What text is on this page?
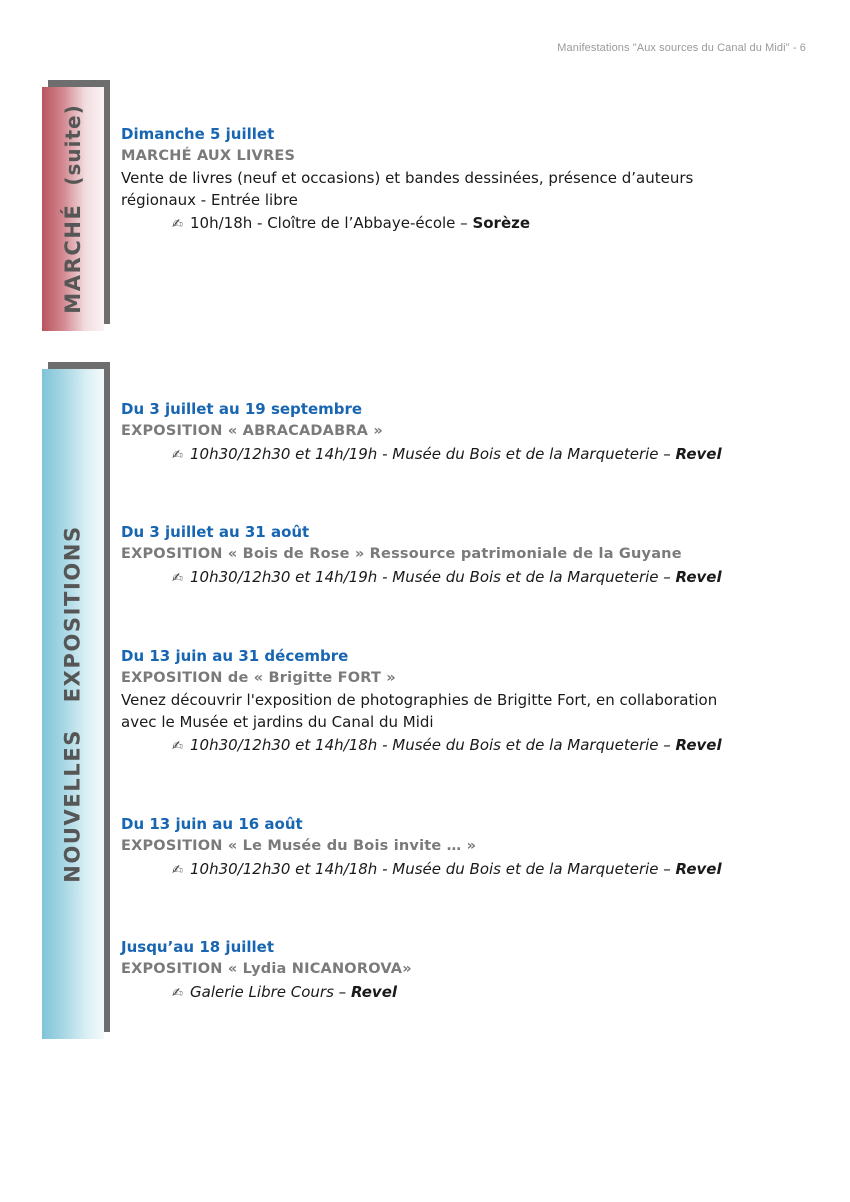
Manifestations "Aux sources du Canal du Midi" - 6
MARCHÉ  (suite)
NOUVELLES   EXPOSITIONS
Dimanche 5 juillet
MARCHÉ AUX LIVRES
Vente de livres (neuf et occasions) et bandes dessinées, présence d’auteurs
régionaux - Entrée libre
✍ 10h/18h - Cloître de l’Abbaye-école – Sorèze
Du 3 juillet au 19 septembre
EXPOSITION « ABRACADABRA »
✍ 10h30/12h30 et 14h/19h - Musée du Bois et de la Marqueterie – Revel
Du 3 juillet au 31 août
EXPOSITION « Bois de Rose » Ressource patrimoniale de la Guyane
✍ 10h30/12h30 et 14h/19h - Musée du Bois et de la Marqueterie – Revel
Du 13 juin au 31 décembre
EXPOSITION de « Brigitte FORT »
Venez découvrir l'exposition de photographies de Brigitte Fort, en collaboration
avec le Musée et jardins du Canal du Midi
✍ 10h30/12h30 et 14h/18h - Musée du Bois et de la Marqueterie – Revel
Du 13 juin au 16 août
EXPOSITION « Le Musée du Bois invite … »
✍ 10h30/12h30 et 14h/18h - Musée du Bois et de la Marqueterie – Revel
Jusqu’au 18 juillet
EXPOSITION « Lydia NICANOROVA»
✍ Galerie Libre Cours – Revel
